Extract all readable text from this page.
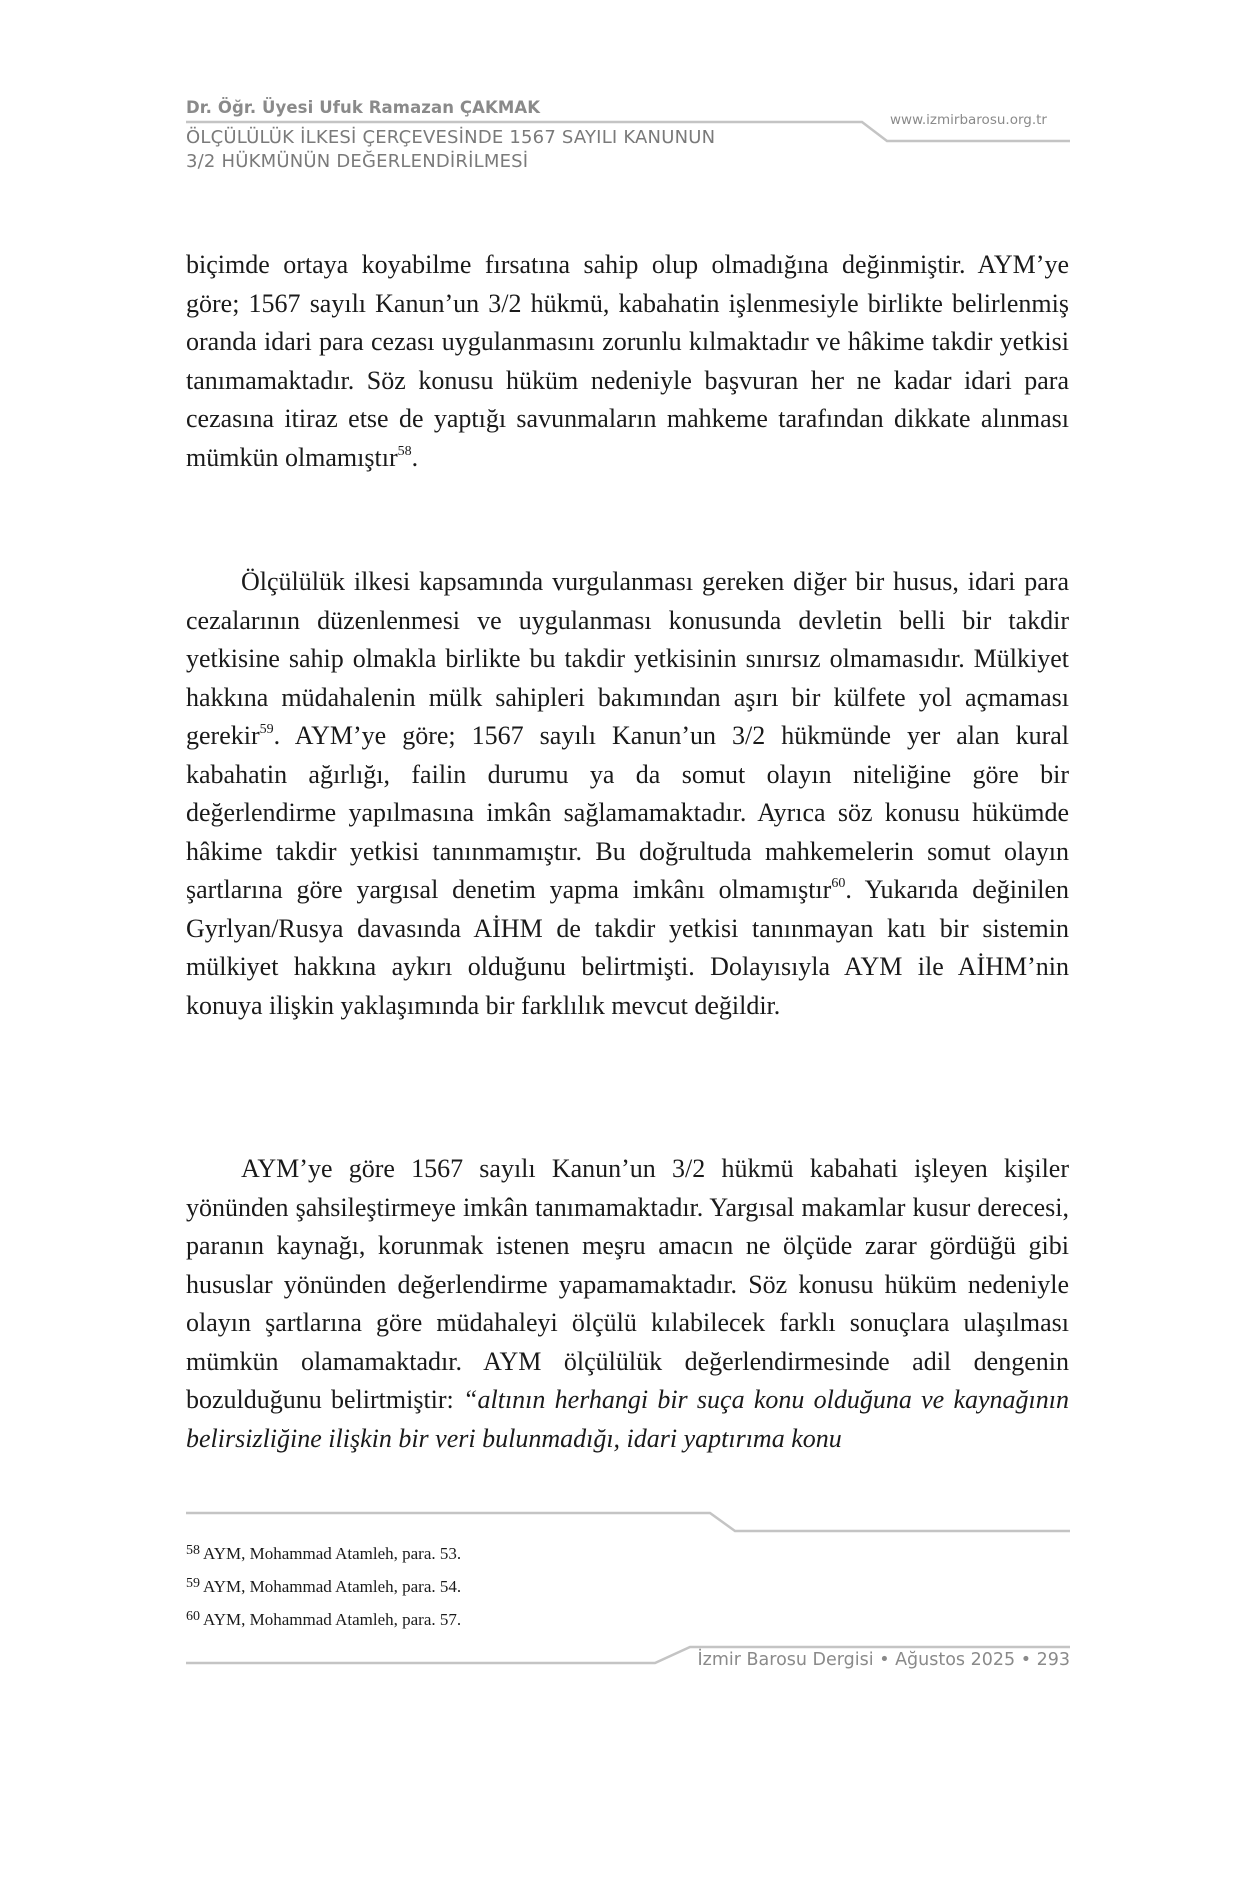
Dr. Öğr. Üyesi Ufuk Ramazan ÇAKMAK
ÖLÇÜLÜLÜK İLKESİ ÇERÇEVESİNDE 1567 SAYILI KANUNUN
3/2 HÜKMÜNÜN DEĞERLENDİRİLMESİ
www.izmirbarosu.org.tr

biçimde ortaya koyabilme fırsatına sahip olup olmadığına değinmiştir. AYM’ye göre; 1567 sayılı Kanun’un 3/2 hükmü, kabahatin işlenmesiyle birlikte belirlenmiş oranda idari para cezası uygulanmasını zorunlu kılmaktadır ve hâkime takdir yetkisi tanımamaktadır. Söz konusu hüküm nedeniyle başvuran her ne kadar idari para cezasına itiraz etse de yaptığı savunmaların mahkeme tarafından dikkate alınması mümkün olmamıştır$^{58}$.

Ölçülülük ilkesi kapsamında vurgulanması gereken diğer bir husus, idari para cezalarının düzenlenmesi ve uygulanması konusunda devletin belli bir takdir yetkisine sahip olmakla birlikte bu takdir yetkisinin sınırsız olmamasıdır. Mülkiyet hakkına müdahalenin mülk sahipleri bakımından aşırı bir külfete yol açmaması gerekir$^{59}$. AYM’ye göre; 1567 sayılı Kanun’un 3/2 hükmünde yer alan kural kabahatin ağırlığı, failin durumu ya da somut olayın niteliğine göre bir değerlendirme yapılmasına imkân sağlamamaktadır. Ayrıca söz konusu hükümde hâkime takdir yetkisi tanınmamıştır. Bu doğrultuda mahkemelerin somut olayın şartlarına göre yargısal denetim yapma imkânı olmamıştır$^{60}$. Yukarıda değinilen Gyrlyan/Rusya davasında AİHM de takdir yetkisi tanınmayan katı bir sistemin mülkiyet hakkına aykırı olduğunu belirtmişti. Dolayısıyla AYM ile AİHM’nin konuya ilişkin yaklaşımında bir farklılık mevcut değildir.

AYM’ye göre 1567 sayılı Kanun’un 3/2 hükmü kabahati işleyen kişiler yönünden şahsileştirmeye imkân tanımamaktadır. Yargısal makamlar kusur derecesi, paranın kaynağı, korunmak istenen meşru amacın ne ölçüde zarar gördüğü gibi hususlar yönünden değerlendirme yapamamaktadır. Söz konusu hüküm nedeniyle olayın şartlarına göre müdahaleyi ölçülü kılabilecek farklı sonuçlara ulaşılması mümkün olamamaktadır. AYM ölçülülük değerlendirmesinde adil dengenin bozulduğunu belirtmiştir: “altının herhangi bir suça konu olduğuna ve kaynağının belirsizliğine ilişkin bir veri bulunmadığı, idari yaptırıma konu

$^{58}$ AYM, Mohammad Atamleh, para. 53.
$^{59}$ AYM, Mohammad Atamleh, para. 54.
$^{60}$ AYM, Mohammad Atamleh, para. 57.
İzmir Barosu Dergisi • Ağustos 2025 • 293
